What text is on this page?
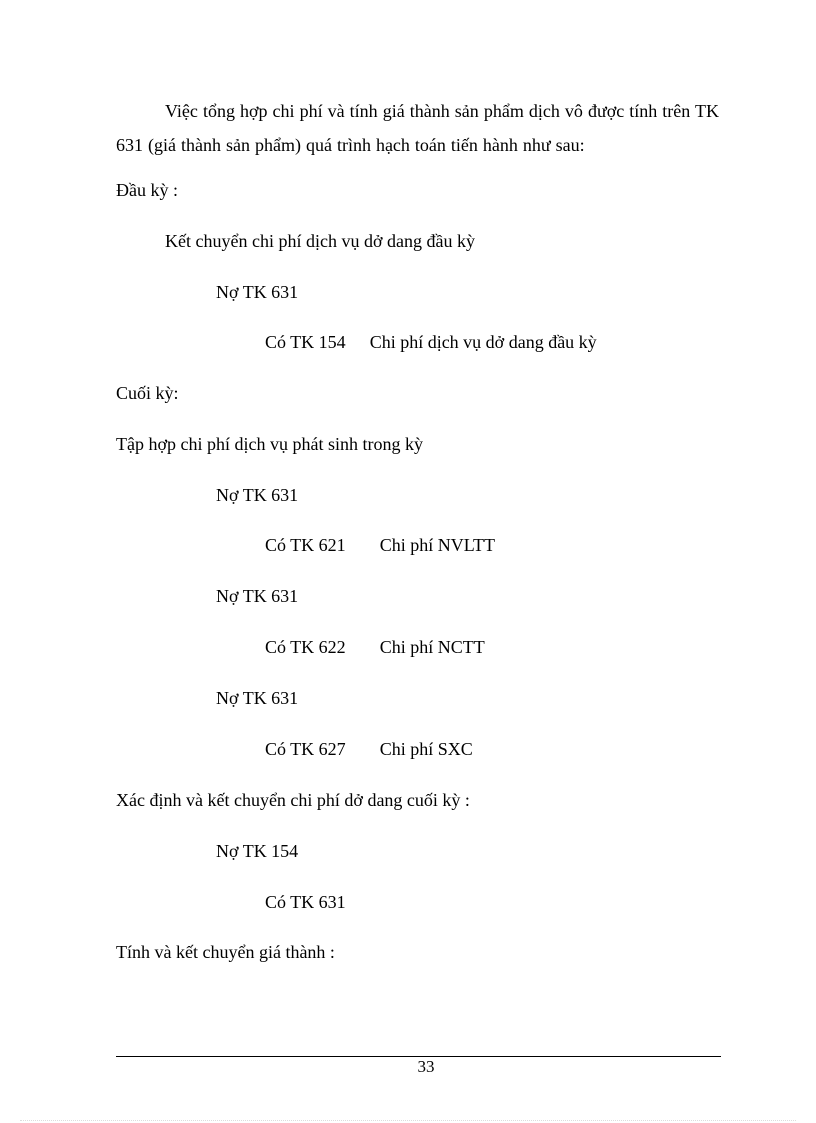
Việc tổng hợp chi phí và tính giá thành sản phẩm dịch vô được tính trên TK 631 (giá thành sản phẩm) quá trình hạch toán tiến hành như sau:
Đầu kỳ :
Kết chuyển chi phí dịch vụ dở dang đầu kỳ
Nợ TK 631
Có TK 154 Chi phí dịch vụ dở dang đầu kỳ
Cuối kỳ:
Tập hợp chi phí dịch vụ phát sinh trong kỳ
Nợ TK 631
Có TK 621 Chi phí NVLTT
Nợ TK 631
Có TK 622 Chi phí NCTT
Nợ TK 631
Có TK 627 Chi phí SXC
Xác định và kết chuyển chi phí dở dang cuối kỳ :
Nợ TK 154
Có TK 631
Tính và kết chuyển giá thành :
33
